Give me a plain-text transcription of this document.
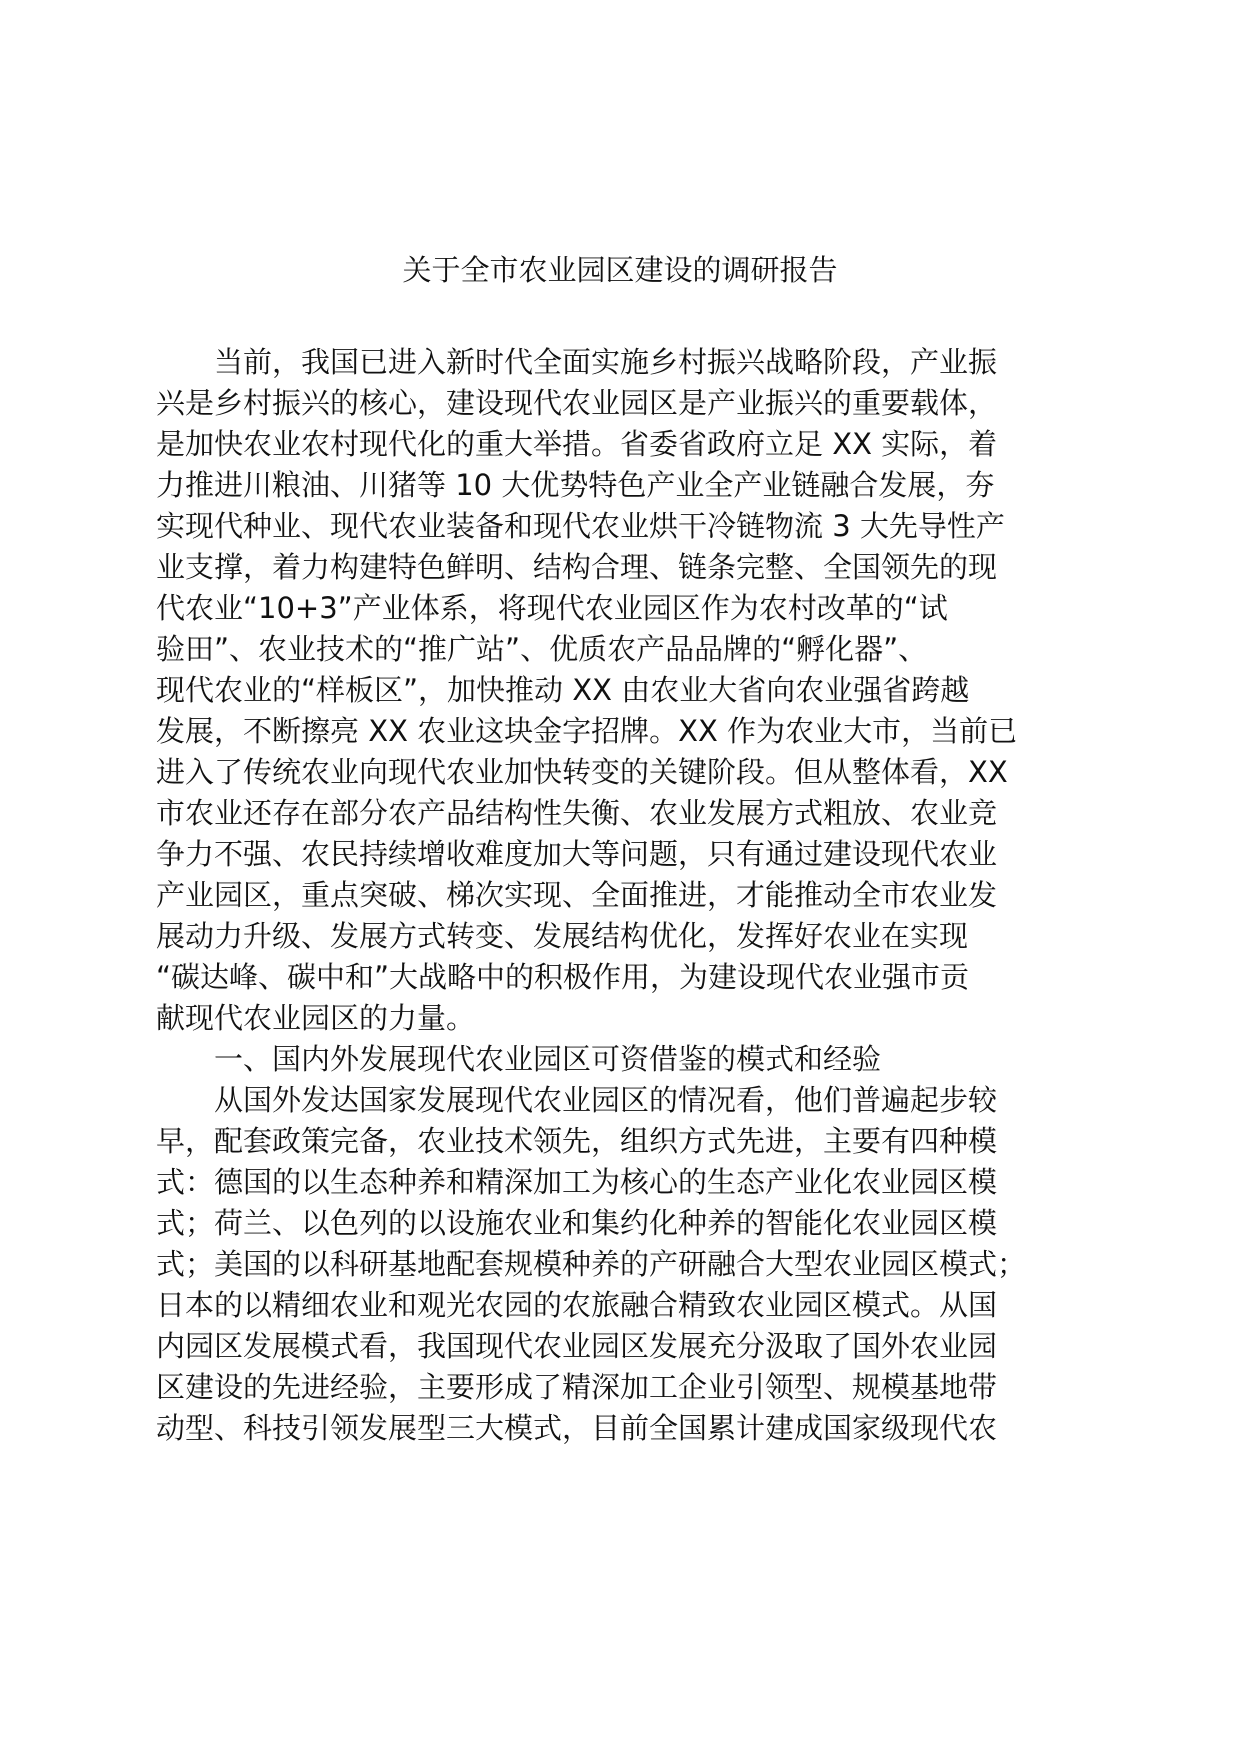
关于全市农业园区建设的调研报告
当前，我国已进入新时代全面实施乡村振兴战略阶段，产业振
兴是乡村振兴的核心，建设现代农业园区是产业振兴的重要载体，
是加快农业农村现代化的重大举措。省委省政府立足 XX 实际，着
力推进川粮油、川猪等 10 大优势特色产业全产业链融合发展，夯
实现代种业、现代农业装备和现代农业烘干冷链物流 3 大先导性产
业支撑，着力构建特色鲜明、结构合理、链条完整、全国领先的现
代农业“10+3”产业体系，将现代农业园区作为农村改革的“试
验田”、农业技术的“推广站”、优质农产品品牌的“孵化器”、
现代农业的“样板区”，加快推动 XX 由农业大省向农业强省跨越
发展，不断擦亮 XX 农业这块金字招牌。XX 作为农业大市，当前已
进入了传统农业向现代农业加快转变的关键阶段。但从整体看，XX
市农业还存在部分农产品结构性失衡、农业发展方式粗放、农业竞
争力不强、农民持续增收难度加大等问题，只有通过建设现代农业
产业园区，重点突破、梯次实现、全面推进，才能推动全市农业发
展动力升级、发展方式转变、发展结构优化，发挥好农业在实现
“碳达峰、碳中和”大战略中的积极作用，为建设现代农业强市贡
献现代农业园区的力量。
一、国内外发展现代农业园区可资借鉴的模式和经验
从国外发达国家发展现代农业园区的情况看，他们普遍起步较
早，配套政策完备，农业技术领先，组织方式先进，主要有四种模
式：德国的以生态种养和精深加工为核心的生态产业化农业园区模
式；荷兰、以色列的以设施农业和集约化种养的智能化农业园区模
式；美国的以科研基地配套规模种养的产研融合大型农业园区模式；
日本的以精细农业和观光农园的农旅融合精致农业园区模式。从国
内园区发展模式看，我国现代农业园区发展充分汲取了国外农业园
区建设的先进经验，主要形成了精深加工企业引领型、规模基地带
动型、科技引领发展型三大模式，目前全国累计建成国家级现代农
